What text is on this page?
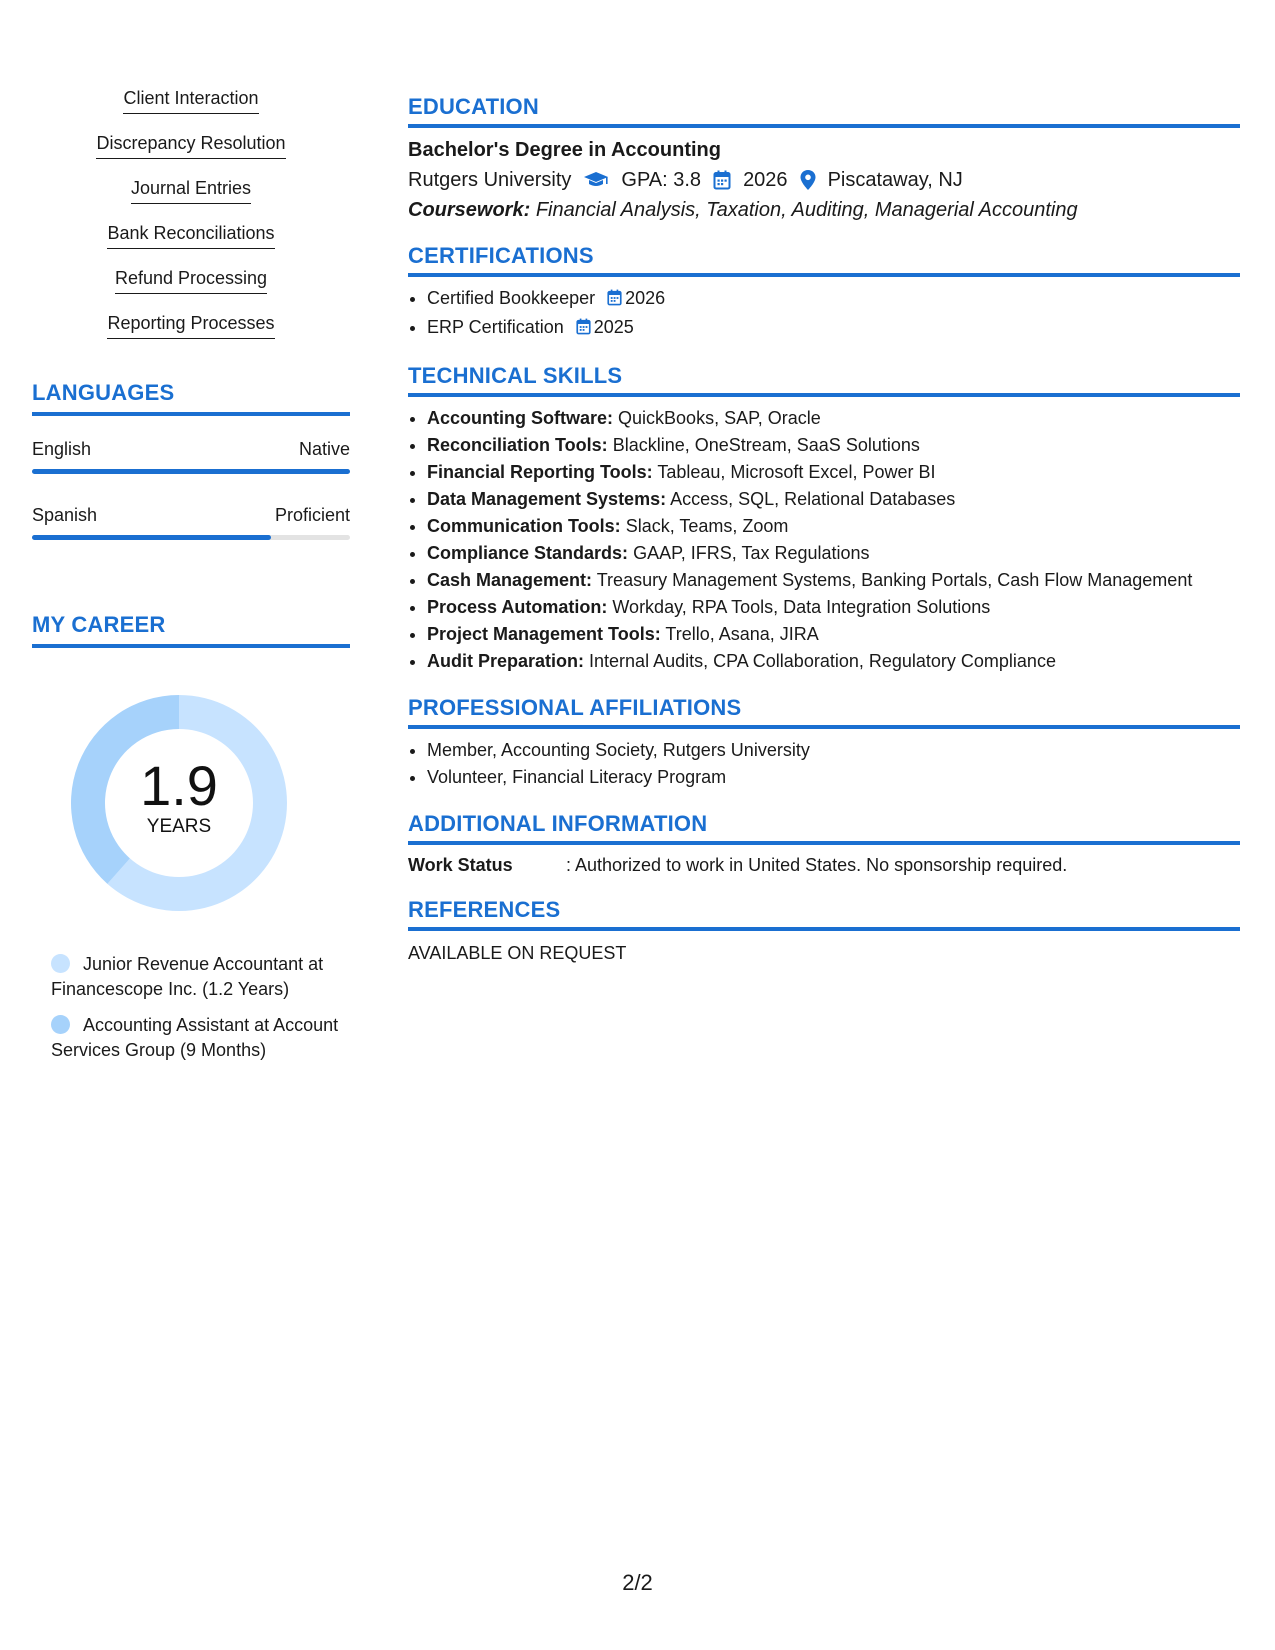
Client Interaction
Discrepancy Resolution
Journal Entries
Bank Reconciliations
Refund Processing
Reporting Processes
LANGUAGES
English	Native
Spanish	Proficient
MY CAREER
1.9
YEARS
Junior Revenue Accountant at Financescope Inc. (1.2 Years)
Accounting Assistant at Account Services Group (9 Months)
EDUCATION
Bachelor's Degree in Accounting
Rutgers University	GPA: 3.8 2026 Piscataway, NJ
Coursework: Financial Analysis, Taxation, Auditing, Managerial Accounting
CERTIFICATIONS
• Certified Bookkeeper 2026
• ERP Certification 2025
TECHNICAL SKILLS
• Accounting Software: QuickBooks, SAP, Oracle
• Reconciliation Tools: Blackline, OneStream, SaaS Solutions
• Financial Reporting Tools: Tableau, Microsoft Excel, Power BI
• Data Management Systems: Access, SQL, Relational Databases
• Communication Tools: Slack, Teams, Zoom
• Compliance Standards: GAAP, IFRS, Tax Regulations
• Cash Management: Treasury Management Systems, Banking Portals, Cash Flow Management
• Process Automation: Workday, RPA Tools, Data Integration Solutions
• Project Management Tools: Trello, Asana, JIRA
• Audit Preparation: Internal Audits, CPA Collaboration, Regulatory Compliance
PROFESSIONAL AFFILIATIONS
• Member, Accounting Society, Rutgers University
• Volunteer, Financial Literacy Program
ADDITIONAL INFORMATION
Work Status	: Authorized to work in United States. No sponsorship required.
REFERENCES
AVAILABLE ON REQUEST
2/2
